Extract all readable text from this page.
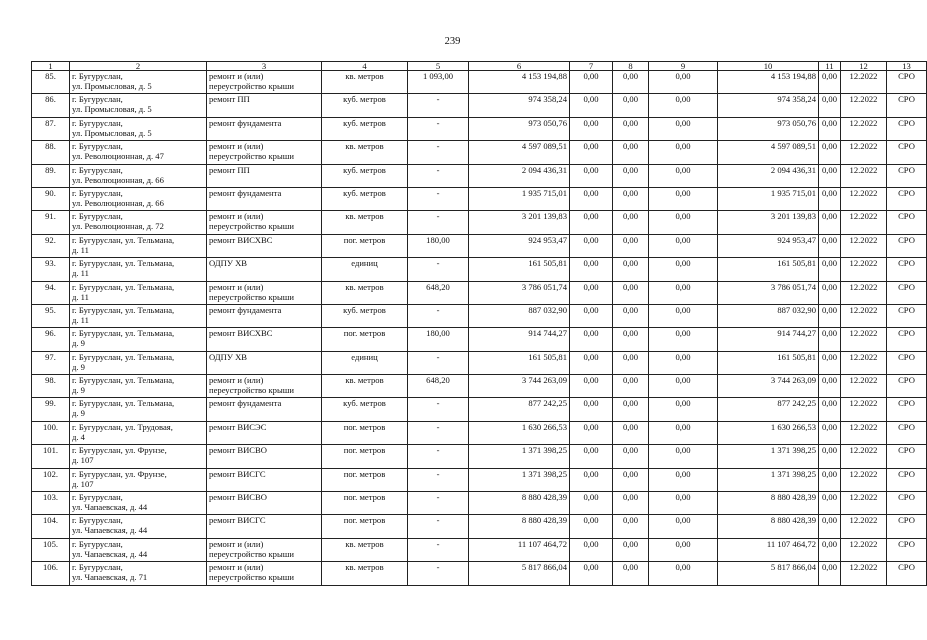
239
1	2	3	4	5	6	7	8	9	10	11	12	13
85.	г. Бугуруслан,
ул. Промысловая, д. 5	ремонт и (или)
переустройство крыши	кв. метров	1 093,00	4 153 194,88	0,00	0,00	0,00	4 153 194,88	0,00	12.2022	СРО
86.	г. Бугуруслан,
ул. Промысловая, д. 5	ремонт ПП	куб. метров	-	974 358,24	0,00	0,00	0,00	974 358,24	0,00	12.2022	СРО
87.	г. Бугуруслан,
ул. Промысловая, д. 5	ремонт фундамента	куб. метров	-	973 050,76	0,00	0,00	0,00	973 050,76	0,00	12.2022	СРО
88.	г. Бугуруслан,
ул. Революционная, д. 47	ремонт и (или)
переустройство крыши	кв. метров	-	4 597 089,51	0,00	0,00	0,00	4 597 089,51	0,00	12.2022	СРО
89.	г. Бугуруслан,
ул. Революционная, д. 66	ремонт ПП	куб. метров	-	2 094 436,31	0,00	0,00	0,00	2 094 436,31	0,00	12.2022	СРО
90.	г. Бугуруслан,
ул. Революционная, д. 66	ремонт фундамента	куб. метров	-	1 935 715,01	0,00	0,00	0,00	1 935 715,01	0,00	12.2022	СРО
91.	г. Бугуруслан,
ул. Революционная, д. 72	ремонт и (или)
переустройство крыши	кв. метров	-	3 201 139,83	0,00	0,00	0,00	3 201 139,83	0,00	12.2022	СРО
92.	г. Бугуруслан, ул. Тельмана,
д. 11	ремонт ВИСХВС	пог. метров	180,00	924 953,47	0,00	0,00	0,00	924 953,47	0,00	12.2022	СРО
93.	г. Бугуруслан, ул. Тельмана,
д. 11	ОДПУ ХВ	единиц	-	161 505,81	0,00	0,00	0,00	161 505,81	0,00	12.2022	СРО
94.	г. Бугуруслан, ул. Тельмана,
д. 11	ремонт и (или)
переустройство крыши	кв. метров	648,20	3 786 051,74	0,00	0,00	0,00	3 786 051,74	0,00	12.2022	СРО
95.	г. Бугуруслан, ул. Тельмана,
д. 11	ремонт фундамента	куб. метров	-	887 032,90	0,00	0,00	0,00	887 032,90	0,00	12.2022	СРО
96.	г. Бугуруслан, ул. Тельмана,
д. 9	ремонт ВИСХВС	пог. метров	180,00	914 744,27	0,00	0,00	0,00	914 744,27	0,00	12.2022	СРО
97.	г. Бугуруслан, ул. Тельмана,
д. 9	ОДПУ ХВ	единиц	-	161 505,81	0,00	0,00	0,00	161 505,81	0,00	12.2022	СРО
98.	г. Бугуруслан, ул. Тельмана,
д. 9	ремонт и (или)
переустройство крыши	кв. метров	648,20	3 744 263,09	0,00	0,00	0,00	3 744 263,09	0,00	12.2022	СРО
99.	г. Бугуруслан, ул. Тельмана,
д. 9	ремонт фундамента	куб. метров	-	877 242,25	0,00	0,00	0,00	877 242,25	0,00	12.2022	СРО
100.	г. Бугуруслан, ул. Трудовая,
д. 4	ремонт ВИСЭС	пог. метров	-	1 630 266,53	0,00	0,00	0,00	1 630 266,53	0,00	12.2022	СРО
101.	г. Бугуруслан, ул. Фрунзе,
д. 107	ремонт ВИСВО	пог. метров	-	1 371 398,25	0,00	0,00	0,00	1 371 398,25	0,00	12.2022	СРО
102.	г. Бугуруслан, ул. Фрунзе,
д. 107	ремонт ВИСГС	пог. метров	-	1 371 398,25	0,00	0,00	0,00	1 371 398,25	0,00	12.2022	СРО
103.	г. Бугуруслан,
ул. Чапаевская, д. 44	ремонт ВИСВО	пог. метров	-	8 880 428,39	0,00	0,00	0,00	8 880 428,39	0,00	12.2022	СРО
104.	г. Бугуруслан,
ул. Чапаевская, д. 44	ремонт ВИСГС	пог. метров	-	8 880 428,39	0,00	0,00	0,00	8 880 428,39	0,00	12.2022	СРО
105.	г. Бугуруслан,
ул. Чапаевская, д. 44	ремонт и (или)
переустройство крыши	кв. метров	-	11 107 464,72	0,00	0,00	0,00	11 107 464,72	0,00	12.2022	СРО
106.	г. Бугуруслан,
ул. Чапаевская, д. 71	ремонт и (или)
переустройство крыши	кв. метров	-	5 817 866,04	0,00	0,00	0,00	5 817 866,04	0,00	12.2022	СРО
